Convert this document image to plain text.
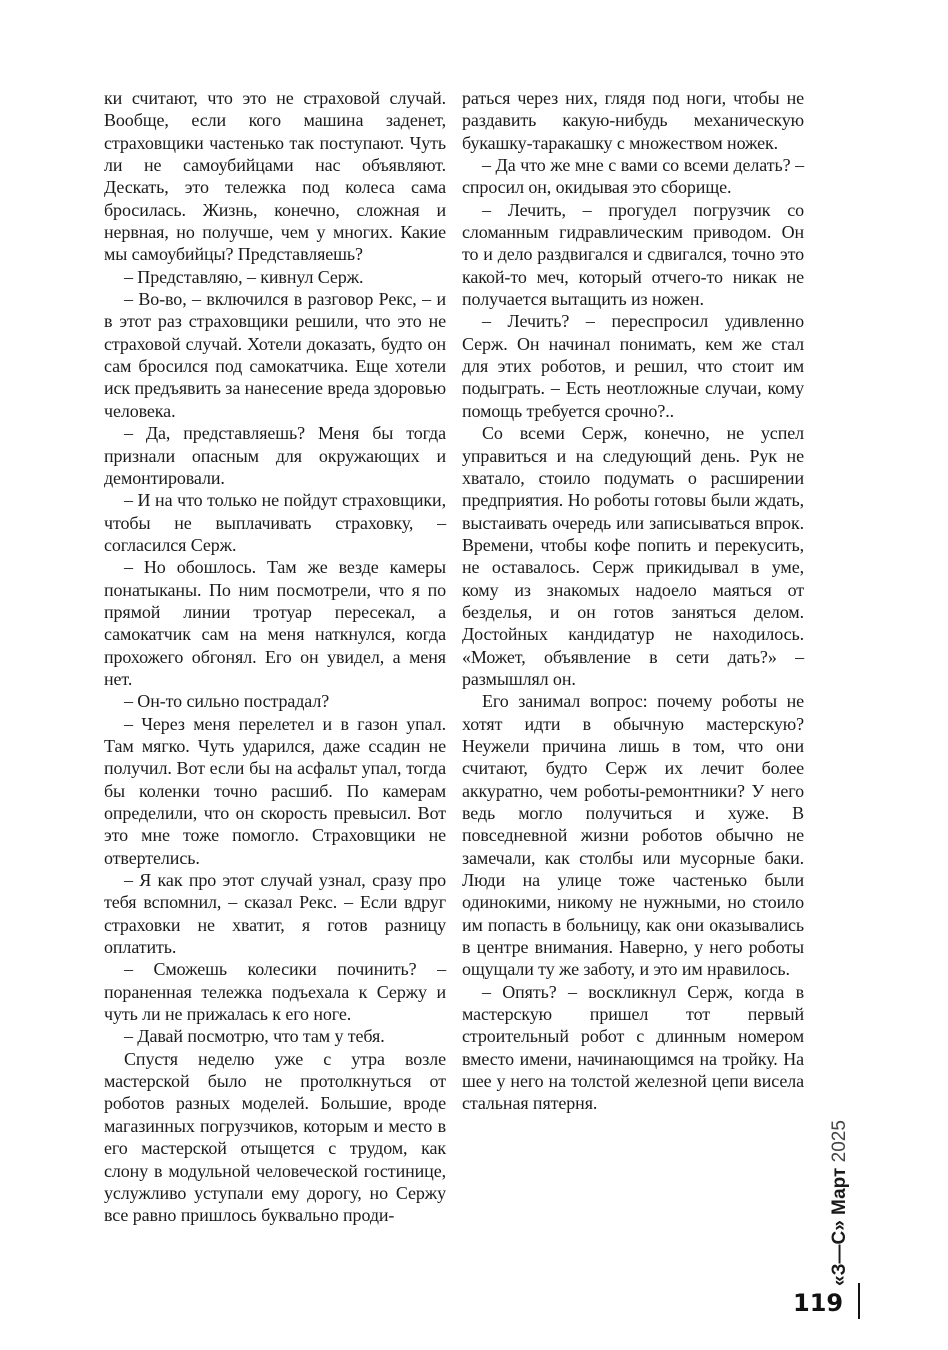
ки считают, что это не страховой случай. Вообще, если кого машина заденет, страховщики частенько так поступают. Чуть ли не самоубийцами нас объявляют. Дескать, это тележка под колеса сама бросилась. Жизнь, конечно, сложная и нервная, но получше, чем у многих. Какие мы самоубийцы? Представляешь?

– Представляю, – кивнул Серж.

– Во-во, – включился в разговор Рекс, – и в этот раз страховщики решили, что это не страховой случай. Хотели доказать, будто он сам бросился под самокатчика. Еще хотели иск предъявить за нанесение вреда здоровью человека.

– Да, представляешь? Меня бы тогда признали опасным для окружающих и демонтировали.

– И на что только не пойдут страховщики, чтобы не выплачивать страховку, – согласился Серж.

– Но обошлось. Там же везде камеры понатыканы. По ним посмотрели, что я по прямой линии тротуар пересекал, а самокатчик сам на меня наткнулся, когда прохожего обгонял. Его он увидел, а меня нет.

– Он-то сильно пострадал?

– Через меня перелетел и в газон упал. Там мягко. Чуть ударился, даже ссадин не получил. Вот если бы на асфальт упал, тогда бы коленки точно расшиб. По камерам определили, что он скорость превысил. Вот это мне тоже помогло. Страховщики не отвертелись.

– Я как про этот случай узнал, сразу про тебя вспомнил, – сказал Рекс. – Если вдруг страховки не хватит, я готов разницу оплатить.

– Сможешь колесики починить? – пораненная тележка подъехала к Сержу и чуть ли не прижалась к его ноге.

– Давай посмотрю, что там у тебя.

Спустя неделю уже с утра возле мастерской было не протолкнуться от роботов разных моделей. Большие, вроде магазинных погрузчиков, которым и место в его мастерской отыщется с трудом, как слону в модульной человеческой гостинице, услужливо уступали ему дорогу, но Сержу все равно пришлось буквально проди-

раться через них, глядя под ноги, чтобы не раздавить какую-нибудь механическую букашку-таракашку с множеством ножек.

– Да что же мне с вами со всеми делать? – спросил он, окидывая это сборище.

– Лечить, – прогудел погрузчик со сломанным гидравлическим приводом. Он то и дело раздвигался и сдвигался, точно это какой-то меч, который отчего-то никак не получается вытащить из ножен.

– Лечить? – переспросил удивленно Серж. Он начинал понимать, кем же стал для этих роботов, и решил, что стоит им подыграть. – Есть неотложные случаи, кому помощь требуется срочно?..

Со всеми Серж, конечно, не успел управиться и на следующий день. Рук не хватало, стоило подумать о расширении предприятия. Но роботы готовы были ждать, выстаивать очередь или записываться впрок. Времени, чтобы кофе попить и перекусить, не оставалось. Серж прикидывал в уме, кому из знакомых надоело маяться от безделья, и он готов заняться делом. Достойных кандидатур не находилось. «Может, объявление в сети дать?» – размышлял он.

Его занимал вопрос: почему роботы не хотят идти в обычную мастерскую? Неужели причина лишь в том, что они считают, будто Серж их лечит более аккуратно, чем роботы-ремонтники? У него ведь могло получиться и хуже. В повседневной жизни роботов обычно не замечали, как столбы или мусорные баки. Люди на улице тоже частенько были одинокими, никому не нужными, но стоило им попасть в больницу, как они оказывались в центре внимания. Наверно, у него роботы ощущали ту же заботу, и это им нравилось.

– Опять? – воскликнул Серж, когда в мастерскую пришел тот первый строительный робот с длинным номером вместо имени, начинающимся на тройку. На шее у него на толстой железной цепи висела стальная пятерня.

«З—С» Март 2025
119
